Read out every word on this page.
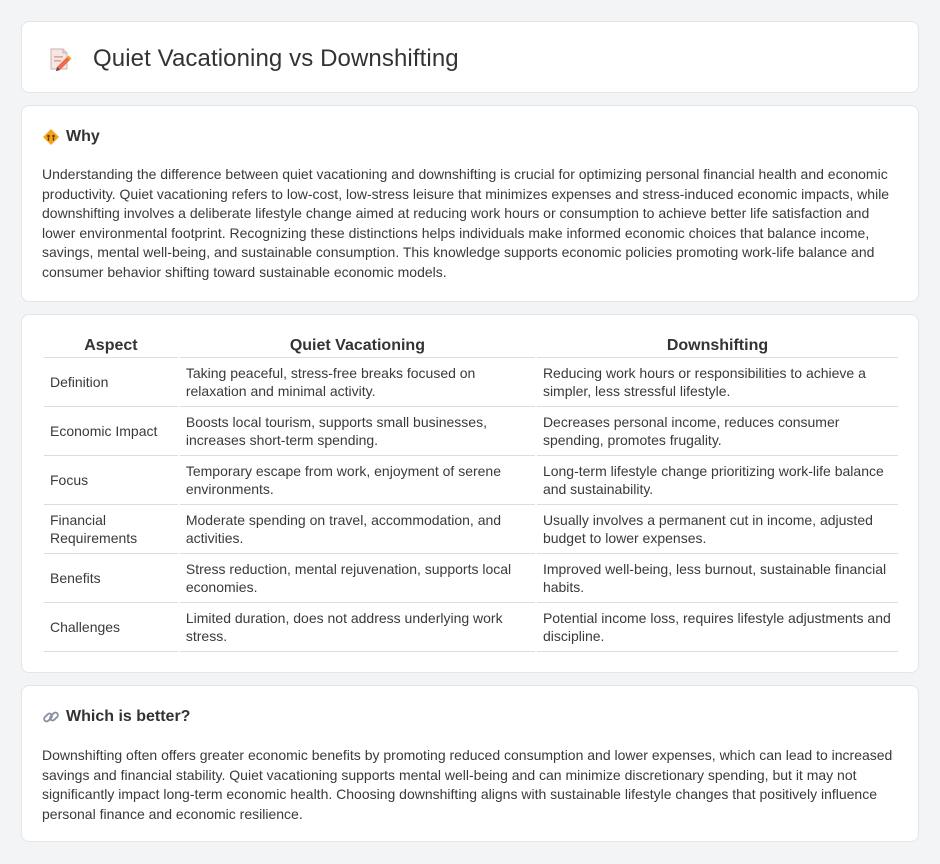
Quiet Vacationing vs Downshifting
Why

Understanding the difference between quiet vacationing and downshifting is crucial for optimizing personal financial health and economic productivity. Quiet vacationing refers to low-cost, low-stress leisure that minimizes expenses and stress-induced economic impacts, while downshifting involves a deliberate lifestyle change aimed at reducing work hours or consumption to achieve better life satisfaction and lower environmental footprint. Recognizing these distinctions helps individuals make informed economic choices that balance income, savings, mental well-being, and sustainable consumption. This knowledge supports economic policies promoting work-life balance and consumer behavior shifting toward sustainable economic models.

Aspect	Quiet Vacationing	Downshifting
Definition	Taking peaceful, stress-free breaks focused on relaxation and minimal activity.	Reducing work hours or responsibilities to achieve a simpler, less stressful lifestyle.
Economic Impact	Boosts local tourism, supports small businesses, increases short-term spending.	Decreases personal income, reduces consumer spending, promotes frugality.
Focus	Temporary escape from work, enjoyment of serene environments.	Long-term lifestyle change prioritizing work-life balance and sustainability.
Financial Requirements	Moderate spending on travel, accommodation, and activities.	Usually involves a permanent cut in income, adjusted budget to lower expenses.
Benefits	Stress reduction, mental rejuvenation, supports local economies.	Improved well-being, less burnout, sustainable financial habits.
Challenges	Limited duration, does not address underlying work stress.	Potential income loss, requires lifestyle adjustments and discipline.
Which is better?

Downshifting often offers greater economic benefits by promoting reduced consumption and lower expenses, which can lead to increased savings and financial stability. Quiet vacationing supports mental well-being and can minimize discretionary spending, but it may not significantly impact long-term economic health. Choosing downshifting aligns with sustainable lifestyle changes that positively influence personal finance and economic resilience.
